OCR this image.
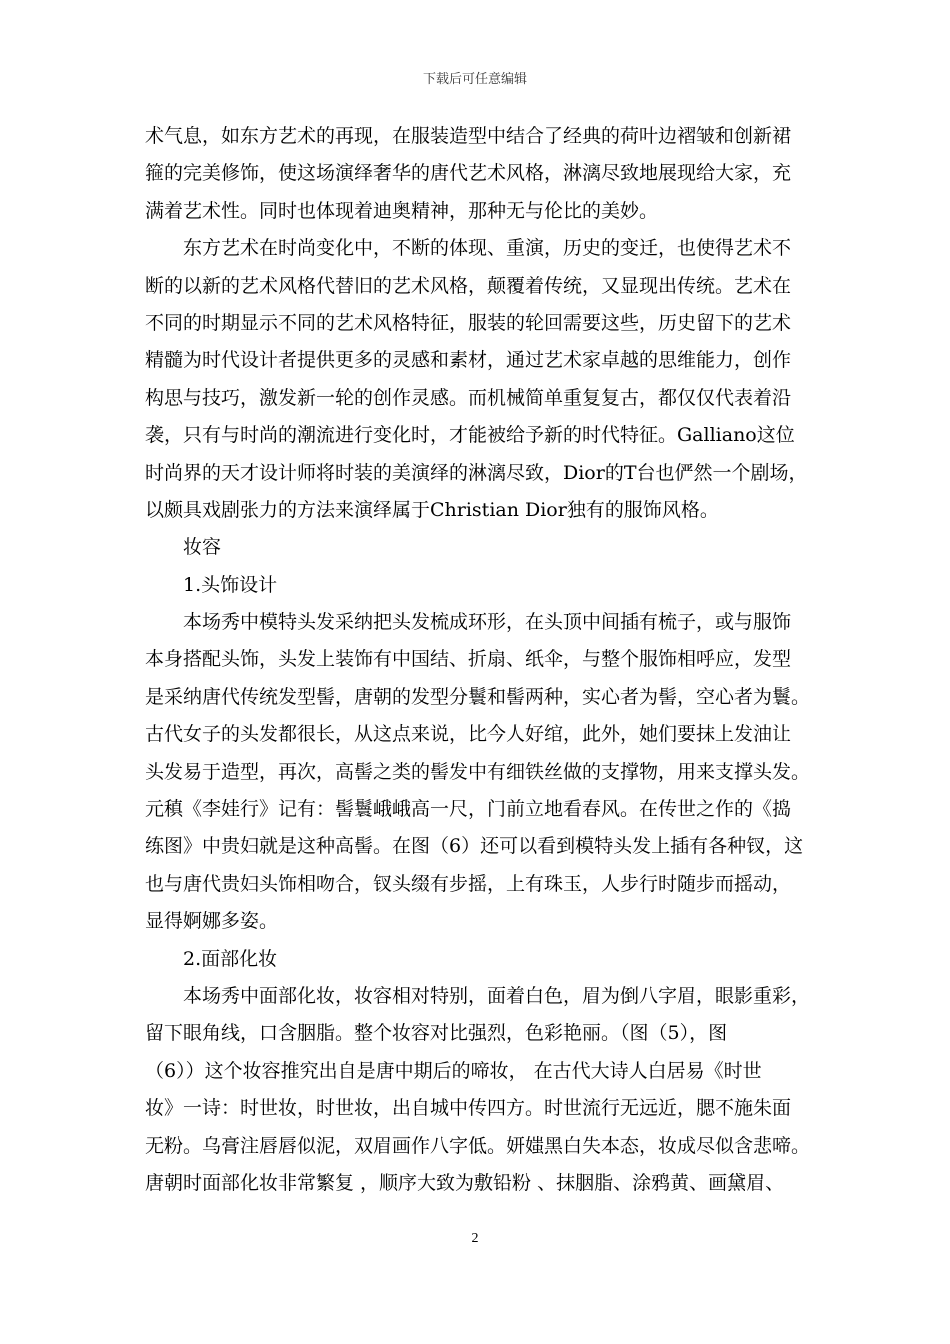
下载后可任意编辑
术气息，如东方艺术的再现，在服装造型中结合了经典的荷叶边褶皱和创新裙
箍的完美修饰，使这场演绎奢华的唐代艺术风格，淋漓尽致地展现给大家，充
满着艺术性。同时也体现着迪奥精神，那种无与伦比的美妙。
东方艺术在时尚变化中，不断的体现、重演，历史的变迁，也使得艺术不
断的以新的艺术风格代替旧的艺术风格，颠覆着传统，又显现出传统。艺术在
不同的时期显示不同的艺术风格特征，服装的轮回需要这些，历史留下的艺术
精髓为时代设计者提供更多的灵感和素材，通过艺术家卓越的思维能力，创作
构思与技巧，激发新一轮的创作灵感。而机械简单重复复古，都仅仅代表着沿
袭，只有与时尚的潮流进行变化时，才能被给予新的时代特征。Galliano这位
时尚界的天才设计师将时装的美演绎的淋漓尽致，Dior的T台也俨然一个剧场，
以颇具戏剧张力的方法来演绎属于Christian Dior独有的服饰风格。
妆容
1.头饰设计
本场秀中模特头发采纳把头发梳成环形，在头顶中间插有梳子，或与服饰
本身搭配头饰，头发上装饰有中国结、折扇、纸伞，与整个服饰相呼应，发型
是采纳唐代传统发型髻，唐朝的发型分鬟和髻两种，实心者为髻，空心者为鬟。
古代女子的头发都很长，从这点来说，比今人好绾，此外，她们要抹上发油让
头发易于造型，再次，高髻之类的髻发中有细铁丝做的支撑物，用来支撑头发。
元稹《李娃行》记有：髻鬟峨峨高一尺，门前立地看春风。在传世之作的《捣
练图》中贵妇就是这种高髻。在图（6）还可以看到模特头发上插有各种钗，这
也与唐代贵妇头饰相吻合，钗头缀有步摇，上有珠玉，人步行时随步而摇动，
显得婀娜多姿。
2.面部化妆
本场秀中面部化妆，妆容相对特别，面着白色，眉为倒八字眉，眼影重彩，
留下眼角线，口含胭脂。整个妆容对比强烈，色彩艳丽。（图（5），图
（6））这个妆容推究出自是唐中期后的啼妆， 在古代大诗人白居易《时世
妆》一诗：时世妆，时世妆，出自城中传四方。时世流行无远近，腮不施朱面
无粉。乌膏注唇唇似泥，双眉画作八字低。妍媸黑白失本态，妆成尽似含悲啼。
唐朝时面部化妆非常繁复 ，顺序大致为敷铅粉 、抹胭脂、涂鸦黄、画黛眉、
2
